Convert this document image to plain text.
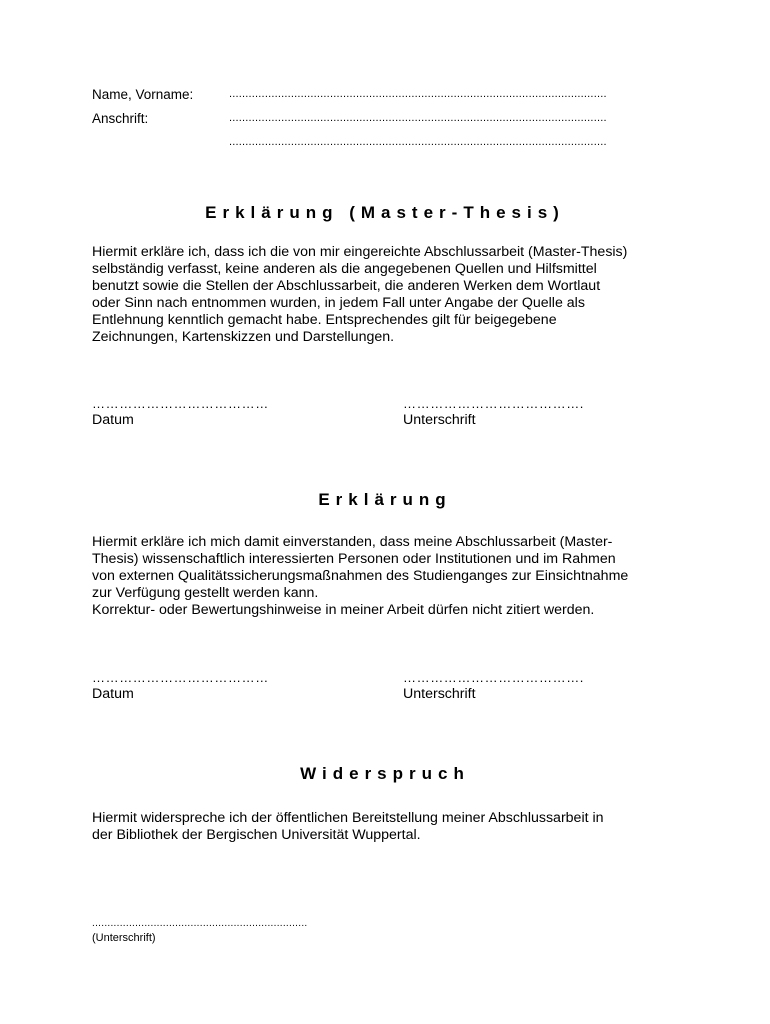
Name, Vorname:	....................................................................................................................
Anschrift:	....................................................................................................................
....................................................................................................................
Erklärung (Master-Thesis)

Hiermit erkläre ich, dass ich die von mir eingereichte Abschlussarbeit (Master-Thesis)

selbständig verfasst, keine anderen als die angegebenen Quellen und Hilfsmittel

benutzt sowie die Stellen der Abschlussarbeit, die anderen Werken dem Wortlaut

oder Sinn nach entnommen wurden, in jedem Fall unter Angabe der Quelle als

Entlehnung kenntlich gemacht habe. Entsprechendes gilt für beigegebene

Zeichnungen, Kartenskizzen und Darstellungen.

…………………………………
Datum
………………………………….
Unterschrift
Erklärung

Hiermit erkläre ich mich damit einverstanden, dass meine Abschlussarbeit (Master-

Thesis) wissenschaftlich interessierten Personen oder Institutionen und im Rahmen

von externen Qualitätssicherungsmaßnahmen des Studienganges zur Einsichtnahme

zur Verfügung gestellt werden kann.

Korrektur- oder Bewertungshinweise in meiner Arbeit dürfen nicht zitiert werden.

…………………………………
Datum
………………………………….
Unterschrift
Widerspruch

Hiermit widerspreche ich der öffentlichen Bereitstellung meiner Abschlussarbeit in

der Bibliothek der Bergischen Universität Wuppertal.

......................................................................
(Unterschrift)
